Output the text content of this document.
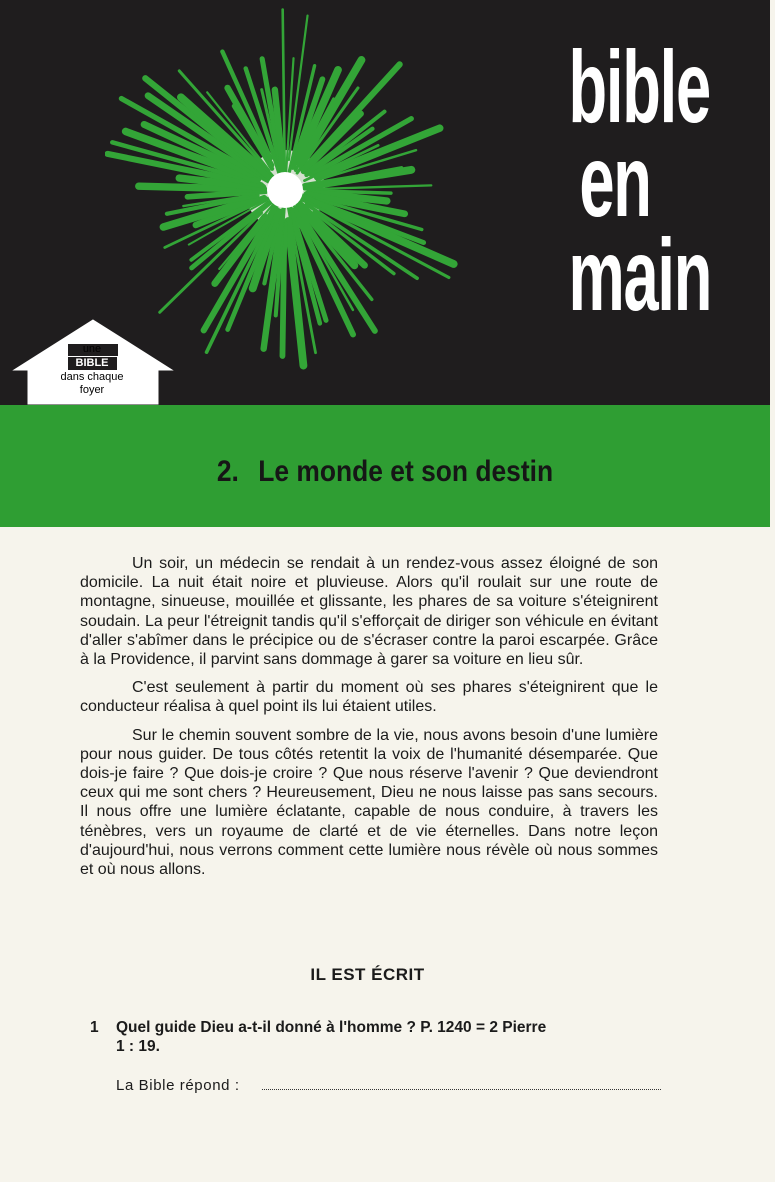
bible
en
main
une
BIBLE
dans chaque
foyer
2. Le monde et son destin

Un soir, un médecin se rendait à un rendez-vous assez éloigné de son domicile. La nuit était noire et pluvieuse. Alors qu'il roulait sur une route de montagne, sinueuse, mouillée et glissante, les phares de sa voiture s'éteignirent soudain. La peur l'étreignit tandis qu'il s'efforçait de diriger son véhicule en évitant d'aller s'abîmer dans le précipice ou de s'écraser contre la paroi escarpée. Grâce à la Providence, il parvint sans dommage à garer sa voiture en lieu sûr.

C'est seulement à partir du moment où ses phares s'éteignirent que le conducteur réalisa à quel point ils lui étaient utiles.

Sur le chemin souvent sombre de la vie, nous avons besoin d'une lumière pour nous guider. De tous côtés retentit la voix de l'humanité désemparée. Que dois-je faire ? Que dois-je croire ? Que nous réserve l'avenir ? Que deviendront ceux qui me sont chers ? Heureusement, Dieu ne nous laisse pas sans secours. Il nous offre une lumière éclatante, capable de nous conduire, à travers les ténèbres, vers un royaume de clarté et de vie éternelles. Dans notre leçon d'aujourd'hui, nous verrons comment cette lumière nous révèle où nous sommes et où nous allons.

IL EST ÉCRIT
1 Quel guide Dieu a-t-il donné à l'homme ? P. 1240 = 2 Pierre
1 : 19.
La Bible répond :
